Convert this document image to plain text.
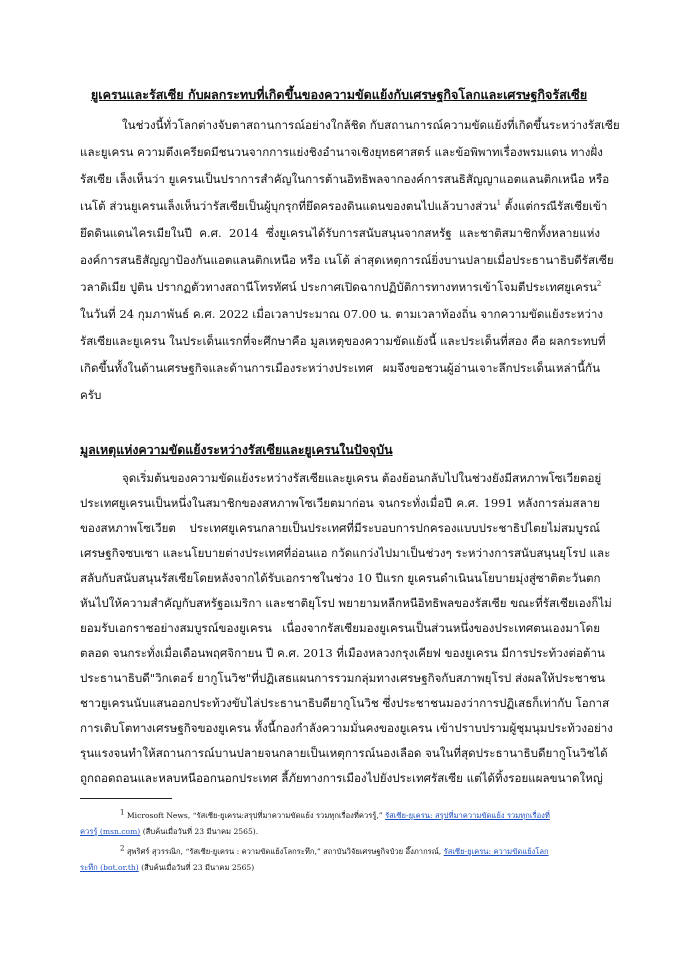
ยูเครนและรัสเซีย กับผลกระทบที่เกิดขึ้นของความขัดแย้งกับเศรษฐกิจโลกและเศรษฐกิจรัสเซีย
ในช่วงนี้ทั่วโลกต่างจับตาสถานการณ์อย่างใกล้ชิด กับสถานการณ์ความขัดแย้งที่เกิดขึ้นระหว่างรัสเซีย
และยูเครน ความตึงเครียดมีชนวนจากการแย่งชิงอำนาจเชิงยุทธศาสตร์ และข้อพิพาทเรื่องพรมแดน ทางฝั่ง
รัสเซีย เล็งเห็นว่า ยูเครนเป็นปราการสำคัญในการต้านอิทธิพลจากองค์การสนธิสัญญาแอตแลนติกเหนือ หรือ
เนโต้ ส่วนยูเครนเล็งเห็นว่ารัสเซียเป็นผู้บุกรุกที่ยึดครองดินแดนของตนไปแล้วบางส่วน$^1$ ตั้งแต่กรณีรัสเซียเข้า
ยึดดินแดนไครเมียในปี ค.ศ. 2014 ซึ่งยูเครนได้รับการสนับสนุนจากสหรัฐ และชาติสมาชิกทั้งหลายแห่ง
องค์การสนธิสัญญาป้องกันแอตแลนติกเหนือ หรือ เนโต้ ล่าสุดเหตุการณ์ยิ่งบานปลายเมื่อประธานาธิบดีรัสเซีย
วลาดิเมีย ปูติน ปรากฏตัวทางสถานีโทรทัศน์ ประกาศเปิดฉากปฏิบัติการทางทหารเข้าโจมตีประเทศยูเครน$^2$
ในวันที่ 24 กุมภาพันธ์ ค.ศ. 2022 เมื่อเวลาประมาณ 07.00 น. ตามเวลาท้องถิ่น จากความขัดแย้งระหว่าง
รัสเซียและยูเครน ในประเด็นแรกที่จะศึกษาคือ มูลเหตุของความขัดแย้งนี้ และประเด็นที่สอง คือ ผลกระทบที่
เกิดขึ้นทั้งในด้านเศรษฐกิจและด้านการเมืองระหว่างประเทศ ผมจึงขอชวนผู้อ่านเจาะลึกประเด็นเหล่านี้กัน
ครับ
มูลเหตุแห่งความขัดแย้งระหว่างรัสเซียและยูเครนในปัจจุบัน
จุดเริ่มต้นของความขัดแย้งระหว่างรัสเซียและยูเครน ต้องย้อนกลับไปในช่วงยังมีสหภาพโซเวียตอยู่
ประเทศยูเครนเป็นหนึ่งในสมาชิกของสหภาพโซเวียตมาก่อน จนกระทั่งเมื่อปี ค.ศ. 1991 หลังการล่มสลาย
ของสหภาพโซเวียต ประเทศยูเครนกลายเป็นประเทศที่มีระบอบการปกครองแบบประชาธิปไตยไม่สมบูรณ์
เศรษฐกิจซบเซา และนโยบายต่างประเทศที่อ่อนแอ กวัดแกว่งไปมาเป็นช่วงๆ ระหว่างการสนับสนุนยุโรป และ
สลับกับสนับสนุนรัสเซียโดยหลังจากได้รับเอกราชในช่วง 10 ปีแรก ยูเครนดำเนินนโยบายมุ่งสู่ซาติตะวันตก
หันไปให้ความสำคัญกับสหรัฐอเมริกา และชาติยุโรป พยายามหลีกหนีอิทธิพลของรัสเซีย ขณะที่รัสเซียเองก็ไม่
ยอมรับเอกราชอย่างสมบูรณ์ของยูเครน เนื่องจากรัสเซียมองยูเครนเป็นส่วนหนึ่งของประเทศตนเองมาโดย
ตลอด จนกระทั่งเมื่อเดือนพฤศจิกายน ปี ค.ศ. 2013 ที่เมืองหลวงกรุงเคียฟ ของยูเครน มีการประท้วงต่อต้าน
ประธานาธิบดี"วิกเตอร์ ยากูโนวิช"ที่ปฏิเสธแผนการรวมกลุ่มทางเศรษฐกิจกับสภาพยุโรป ส่งผลให้ประชาชน
ชาวยูเครนนับแสนออกประท้วงขับไล่ประธานาธิบดียากูโนวิช ซึ่งประชาชนมองว่าการปฏิเสธก็เท่ากับ โอกาส
การเติบโตทางเศรษฐกิจของยูเครน ทั้งนี้กองกำลังความมั่นคงของยูเครน เข้าปราบปรามผู้ชุมนุมประท้วงอย่าง
รุนแรงจนทำให้สถานการณ์บานปลายจนกลายเป็นเหตุการณ์นองเลือด จนในที่สุดประธานาธิบดียากูโนวิชได้
$^1$ Microsoft News, “รัสเซีย-ยูเครน:สรุปที่มาความขัดแย้ง รวมทุกเรื่องที่ควรรู้,” รัสเซีย-ยูเครน: สรุปที่มาความขัดแย้ง รวมทุกเรื่องที่
ควรรู้ (msn.com) (สืบค้นเมื่อวันที่ 23 มีนาคม 2565).
$^2$ สุพริศร์ สุวรรณิก, “รัสเซีย-ยูเครน : ความขัดแย้งโลกระทึก,” สถาบันวิจัยเศรษฐกิจป๋วย อึ๊งภากรณ์, รัสเซีย-ยูเครน: ความขัดแย้งโลก
ระทึก (bot.or.th) (สืบค้นเมื่อวันที่ 23 มีนาคม 2565)
ถูกถอดถอนและหลบหนีออกนอกประเทศ ลี้ภัยทางการเมืองไปยังประเทศรัสเซีย แต่ได้ทิ้งรอยแผลขนาดใหญ่
